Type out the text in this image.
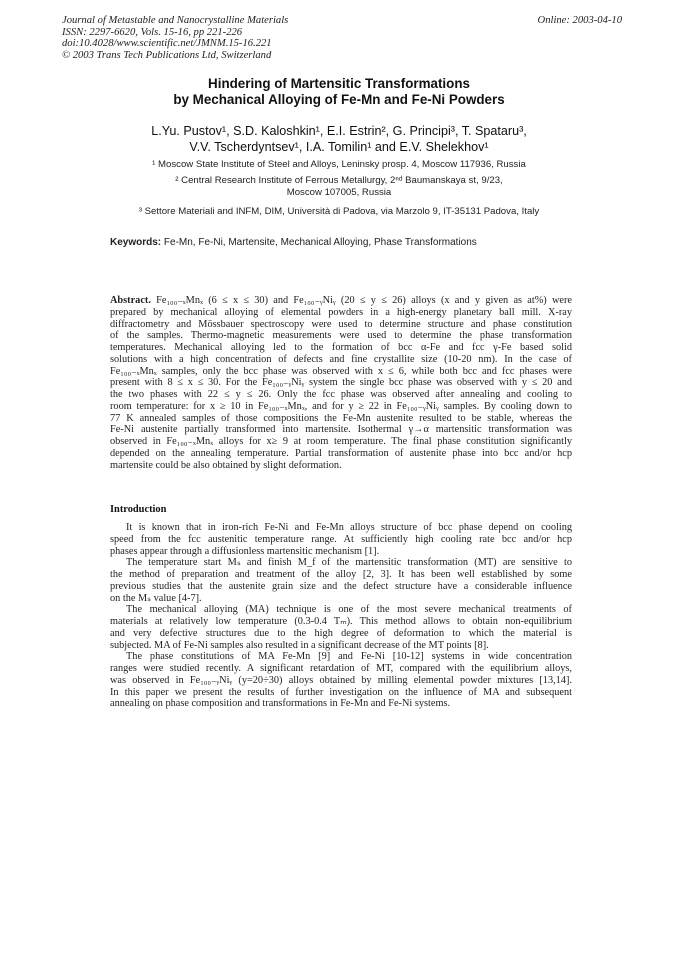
Journal of Metastable and Nanocrystalline Materials
ISSN: 2297-6620, Vols. 15-16, pp 221-226
doi:10.4028/www.scientific.net/JMNM.15-16.221
© 2003 Trans Tech Publications Ltd, Switzerland
Online: 2003-04-10
Hindering of Martensitic Transformations
by Mechanical Alloying of Fe-Mn and Fe-Ni Powders
L.Yu. Pustov¹, S.D. Kaloshkin¹, E.I. Estrin², G. Principi³, T. Spataru³,
V.V. Tscherdyntsev¹, I.A. Tomilin¹ and E.V. Shelekhov¹
¹ Moscow State Institute of Steel and Alloys, Leninsky prosp. 4, Moscow 117936, Russia
² Central Research Institute of Ferrous Metallurgy, 2ⁿᵈ Baumanskaya st, 9/23,
Moscow 107005, Russia
³ Settore Materiali and INFM, DIM, Università di Padova, via Marzolo 9, IT-35131 Padova, Italy
Keywords: Fe-Mn, Fe-Ni, Martensite, Mechanical Alloying, Phase Transformations
Abstract. Fe₁₀₀₋ₓMnₓ (6 ≤ x ≤ 30) and Fe₁₀₀₋ᵧNiᵧ (20 ≤ y ≤ 26) alloys (x and y given as at%) were
prepared by mechanical alloying of elemental powders in a high-energy planetary ball mill. X-ray
diffractometry and Mössbauer spectroscopy were used to determine structure and phase constitution
of the samples. Thermo-magnetic measurements were used to determine the phase transformation
temperatures. Mechanical alloying led to the formation of bcc α-Fe and fcc γ-Fe based solid
solutions with a high concentration of defects and fine crystallite size (10-20 nm). In the case of
Fe₁₀₀₋ₓMnₓ samples, only the bcc phase was observed with x ≤ 6, while both bcc and fcc phases were
present with 8 ≤ x ≤ 30. For the Fe₁₀₀₋ᵧNiᵧ system the single bcc phase was observed with y ≤ 20 and
the two phases with 22 ≤ y ≤ 26. Only the fcc phase was observed after annealing and cooling to
room temperature: for x ≥ 10 in Fe₁₀₀₋ₓMnₓ, and for y ≥ 22 in Fe₁₀₀₋ᵧNiᵧ samples. By cooling down to
77 K annealed samples of those compositions the Fe-Mn austenite resulted to be stable, whereas the
Fe-Ni austenite partially transformed into martensite. Isothermal γ→α martensitic transformation was
observed in Fe₁₀₀₋ₓMnₓ alloys for x≥ 9 at room temperature. The final phase constitution significantly
depended on the annealing temperature. Partial transformation of austenite phase into bcc and/or hcp
martensite could be also obtained by slight deformation.
Introduction
It is known that in iron-rich Fe-Ni and Fe-Mn alloys structure of bcc phase depend on cooling
speed from the fcc austenitic temperature range. At sufficiently high cooling rate bcc and/or hcp
phases appear through a diffusionless martensitic mechanism [1].
The temperature start Mₛ and finish M_f of the martensitic transformation (MT) are sensitive to
the method of preparation and treatment of the alloy [2, 3]. It has been well established by some
previous studies that the austenite grain size and the defect structure have a considerable influence
on the Mₛ value [4-7].
The mechanical alloying (MA) technique is one of the most severe mechanical treatments of
materials at relatively low temperature (0.3-0.4 Tₘ). This method allows to obtain non-equilibrium
and very defective structures due to the high degree of deformation to which the material is
subjected. MA of Fe-Ni samples also resulted in a significant decrease of the MT points [8].
The phase constitutions of MA Fe-Mn [9] and Fe-Ni [10-12] systems in wide concentration
ranges were studied recently. A significant retardation of MT, compared with the equilibrium alloys,
was observed in Fe₁₀₀₋ᵧNiᵧ (y=20÷30) alloys obtained by milling elemental powder mixtures [13,14].
In this paper we present the results of further investigation on the influence of MA and subsequent
annealing on phase composition and transformations in Fe-Mn and Fe-Ni systems.
